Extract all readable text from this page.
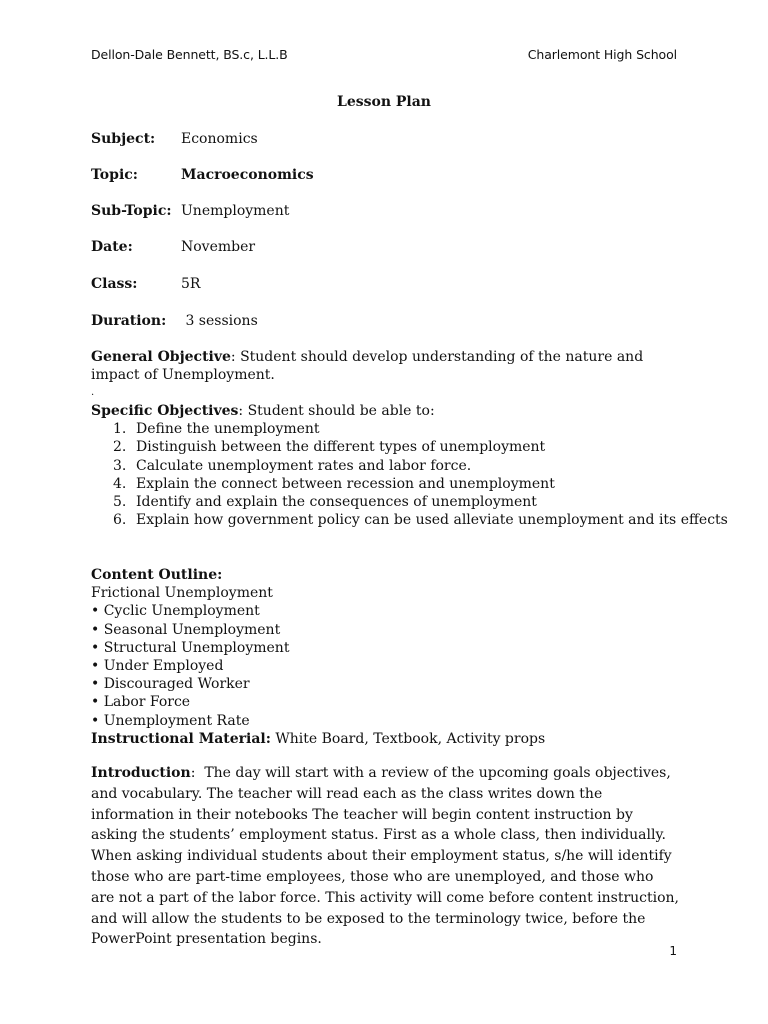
Dellon-Dale Bennett, BS.c, L.L.B	Charlemont High School
Lesson Plan
Subject: Economics
Topic:	Macroeconomics
Sub-Topic: Unemployment
Date:	November
Class:	5R
Duration: 3 sessions
General Objective: Student should develop understanding of the nature and impact of Unemployment.
.
Specific Objectives: Student should be able to:
1. Define the unemployment
2. Distinguish between the different types of unemployment
3. Calculate unemployment rates and labor force.
4. Explain the connect between recession and unemployment
5. Identify and explain the consequences of unemployment
6. Explain how government policy can be used alleviate unemployment and its effects
Content Outline:
Frictional Unemployment
• Cyclic Unemployment
• Seasonal Unemployment
• Structural Unemployment
• Under Employed
• Discouraged Worker
• Labor Force
• Unemployment Rate
Instructional Material: White Board, Textbook, Activity props

Introduction:  The day will start with a review of the upcoming goals objectives, and vocabulary. The teacher will read each as the class writes down the information in their notebooks The teacher will begin content instruction by asking the students’ employment status. First as a whole class, then individually. When asking individual students about their employment status, s/he will identify those who are part-time employees, those who are unemployed, and those who are not a part of the labor force. This activity will come before content instruction, and will allow the students to be exposed to the terminology twice, before the PowerPoint presentation begins.

1
